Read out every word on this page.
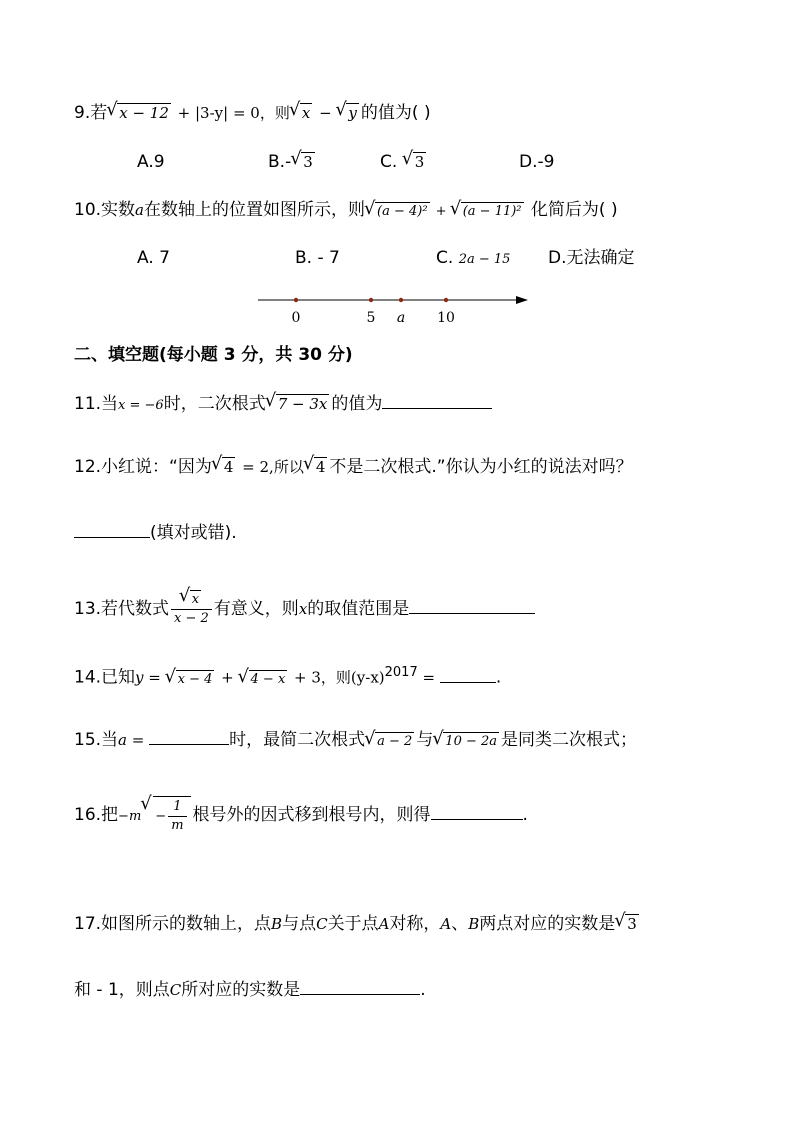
9.若√ x − 12 + |3-y| = 0，则√ x − √ y 的值为( )
A.9	B.-√ 3	C. √ 3	D.-9
10.实数a在数轴上的位置如图所示，则√ (a − 4)² + √ (a − 11)² 化简后为( )
A. 7	B. - 7	C. 2a − 15 D.无法确定
0	5 a 10
二、填空题(每小题 3 分，共 30 分)
11.当x = −6时，二次根式√ 7 − 3x 的值为
12.小红说：“因为√ 4 = 2,所以√ 4 不是二次根式.”你认为小红的说法对吗？
(填对或错).
13.若代数式
√ $\frac{x}{x - 2}$ 有意义，则x的取值范围是
14.已知y = √ x − 4 + √ 4 − x + 3，则$(y-x)^{2017}$ =	.
15.当a =	时，最简二次根式√ a − 2 与√ 10 − 2a 是同类二次根式；
16.把$-m√ - \frac{1}{m}$ 根号外的因式移到根号内，则得	.
17.如图所示的数轴上，点B与点C关于点A对称，A、B两点对应的实数是√ 3
和 - 1，则点C所对应的实数是	.
